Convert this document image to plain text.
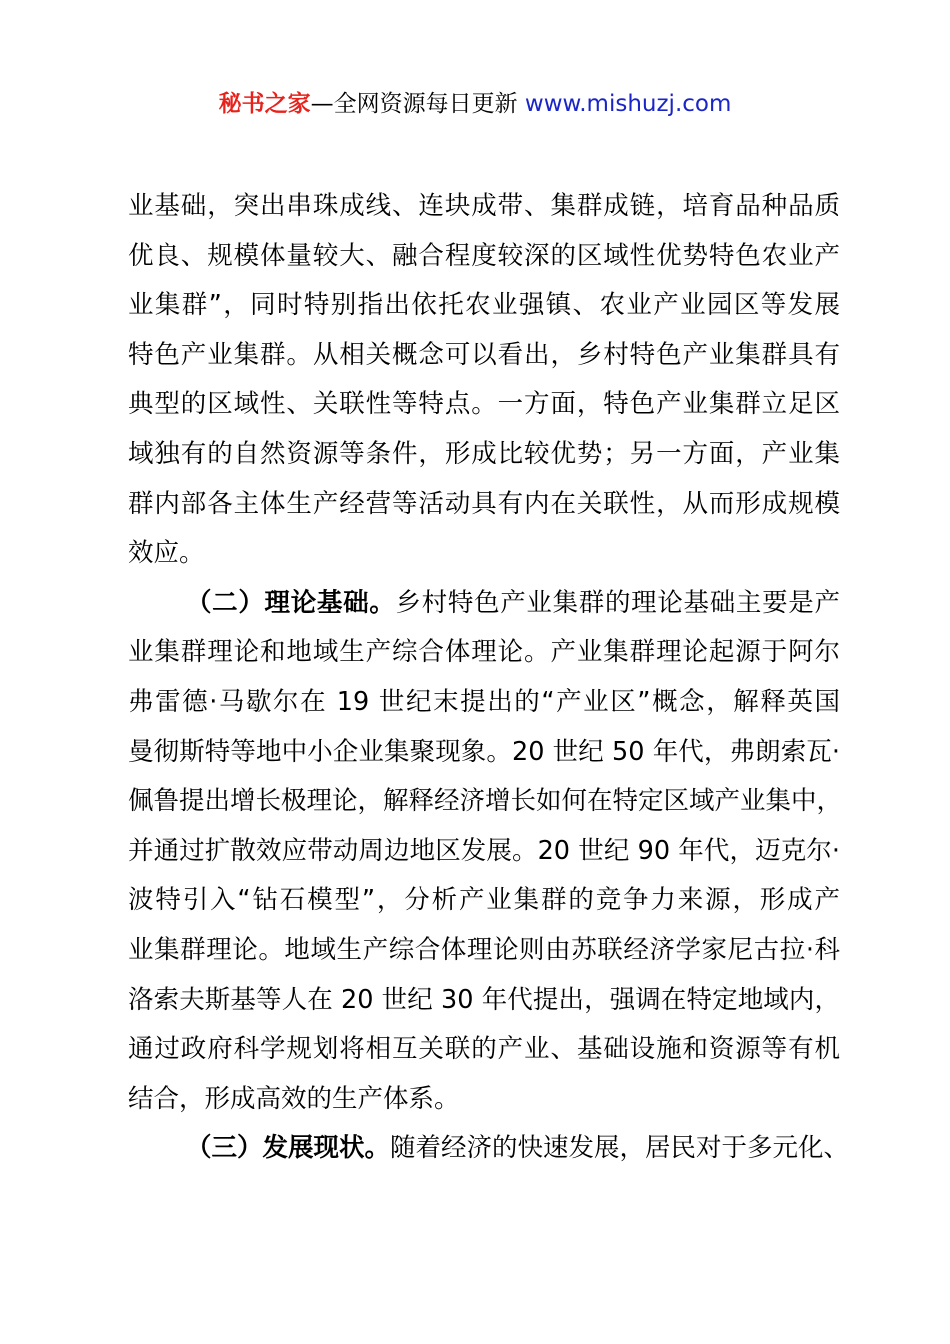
秘书之家—全网资源每日更新 www.mishuzj.com
业基础，突出串珠成线、连块成带、集群成链，培育品种品质
优良、规模体量较大、融合程度较深的区域性优势特色农业产
业集群”，同时特别指出依托农业强镇、农业产业园区等发展
特色产业集群。从相关概念可以看出，乡村特色产业集群具有
典型的区域性、关联性等特点。一方面，特色产业集群立足区
域独有的自然资源等条件，形成比较优势；另一方面，产业集
群内部各主体生产经营等活动具有内在关联性，从而形成规模
效应。
（二）理论基础。乡村特色产业集群的理论基础主要是产
业集群理论和地域生产综合体理论。产业集群理论起源于阿尔
弗雷德·马歇尔在 19 世纪末提出的“产业区”概念，解释英国
曼彻斯特等地中小企业集聚现象。20 世纪 50 年代，弗朗索瓦·
佩鲁提出增长极理论，解释经济增长如何在特定区域产业集中，
并通过扩散效应带动周边地区发展。20 世纪 90 年代，迈克尔·
波特引入“钻石模型”，分析产业集群的竞争力来源，形成产
业集群理论。地域生产综合体理论则由苏联经济学家尼古拉·科
洛索夫斯基等人在 20 世纪 30 年代提出，强调在特定地域内，
通过政府科学规划将相互关联的产业、基础设施和资源等有机
结合，形成高效的生产体系。
（三）发展现状。随着经济的快速发展，居民对于多元化、
